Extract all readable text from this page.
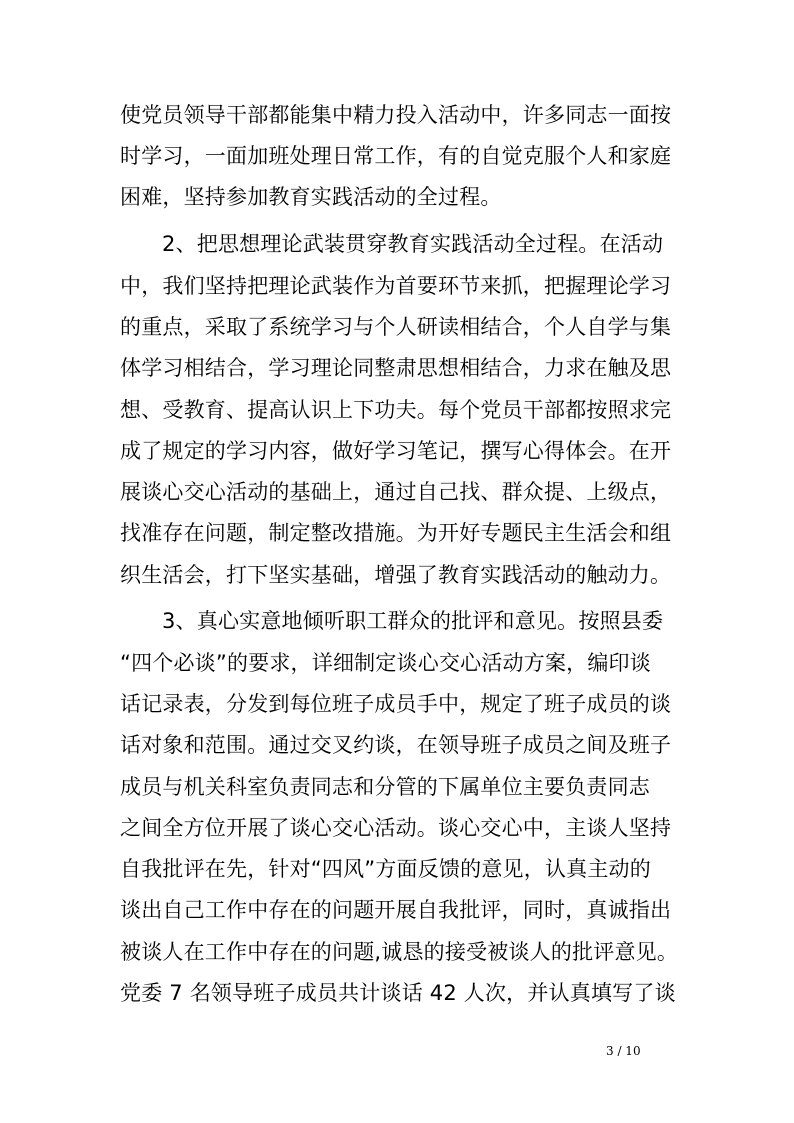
使党员领导干部都能集中精力投入活动中，许多同志一面按
时学习，一面加班处理日常工作，有的自觉克服个人和家庭
困难，坚持参加教育实践活动的全过程。
2、把思想理论武装贯穿教育实践活动全过程。在活动
中，我们坚持把理论武装作为首要环节来抓，把握理论学习
的重点，采取了系统学习与个人研读相结合，个人自学与集
体学习相结合，学习理论同整肃思想相结合，力求在触及思
想、受教育、提高认识上下功夫。每个党员干部都按照求完
成了规定的学习内容，做好学习笔记，撰写心得体会。在开
展谈心交心活动的基础上，通过自己找、群众提、上级点，
找准存在问题，制定整改措施。为开好专题民主生活会和组
织生活会，打下坚实基础，增强了教育实践活动的触动力。
3、真心实意地倾听职工群众的批评和意见。按照县委
“四个必谈”的要求，详细制定谈心交心活动方案，编印谈
话记录表，分发到每位班子成员手中，规定了班子成员的谈
话对象和范围。通过交叉约谈，在领导班子成员之间及班子
成员与机关科室负责同志和分管的下属单位主要负责同志
之间全方位开展了谈心交心活动。谈心交心中，主谈人坚持
自我批评在先，针对“四风”方面反馈的意见，认真主动的
谈出自己工作中存在的问题开展自我批评，同时，真诚指出
被谈人在工作中存在的问题,诚恳的接受被谈人的批评意见。
党委 7 名领导班子成员共计谈话 42 人次，并认真填写了谈
3 / 10
